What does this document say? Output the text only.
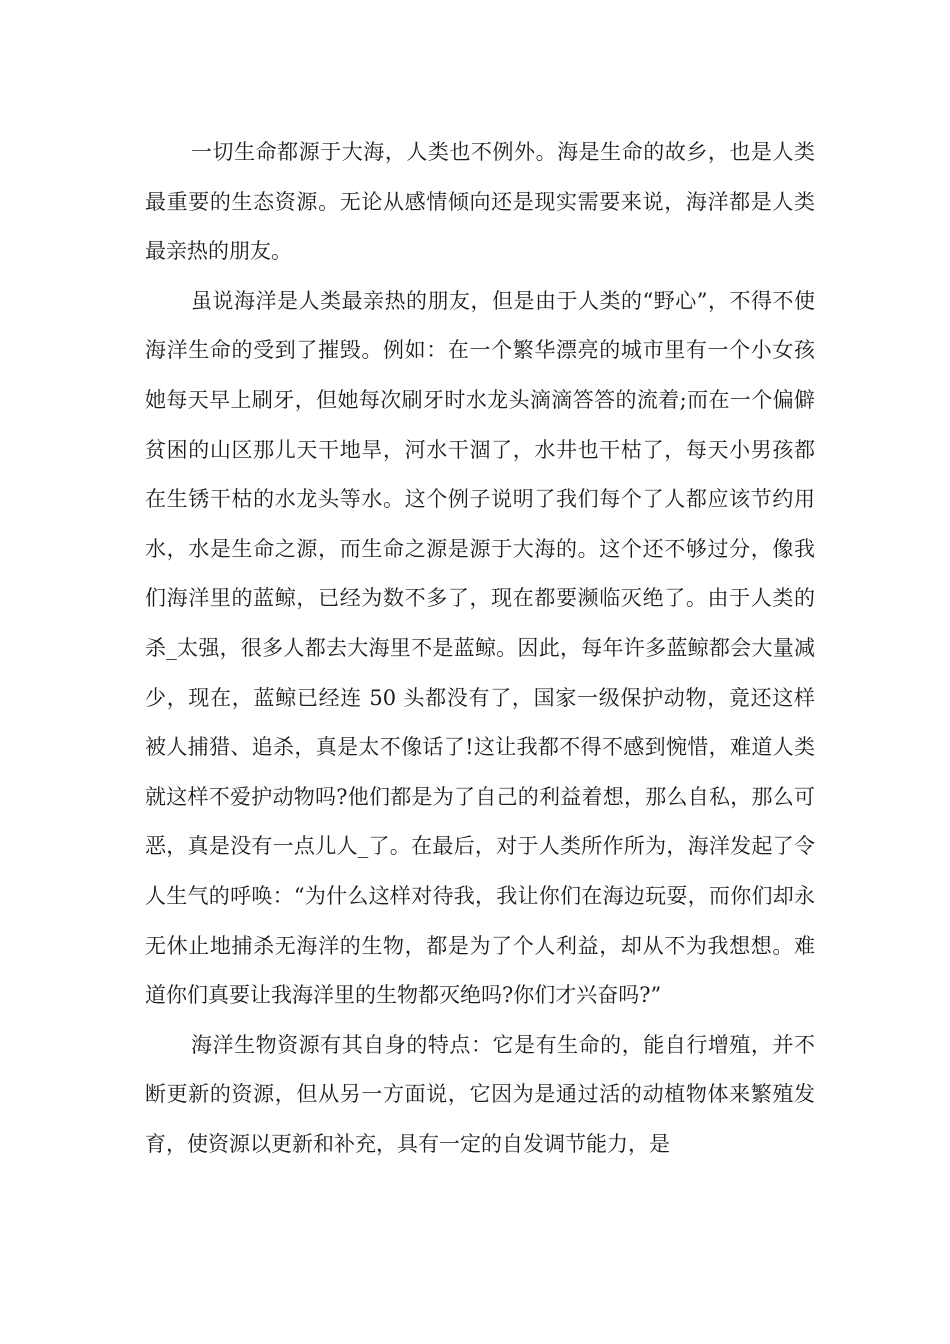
一切生命都源于大海，人类也不例外。海是生命的故乡，也是人类最重要的生态资源。无论从感情倾向还是现实需要来说，海洋都是人类最亲热的朋友。

虽说海洋是人类最亲热的朋友，但是由于人类的“野心”，不得不使海洋生命的受到了摧毁。例如：在一个繁华漂亮的城市里有一个小女孩她每天早上刷牙，但她每次刷牙时水龙头滴滴答答的流着;而在一个偏僻贫困的山区那儿天干地旱，河水干涸了，水井也干枯了，每天小男孩都在生锈干枯的水龙头等水。这个例子说明了我们每个了人都应该节约用水，水是生命之源，而生命之源是源于大海的。这个还不够过分，像我们海洋里的蓝鲸，已经为数不多了，现在都要濒临灭绝了。由于人类的杀_太强，很多人都去大海里不是蓝鲸。因此，每年许多蓝鲸都会大量减少，现在，蓝鲸已经连 50 头都没有了，国家一级保护动物，竟还这样被人捕猎、追杀，真是太不像话了!这让我都不得不感到惋惜，难道人类就这样不爱护动物吗?他们都是为了自己的利益着想，那么自私，那么可恶，真是没有一点儿人_了。在最后，对于人类所作所为，海洋发起了令人生气的呼唤：“为什么这样对待我，我让你们在海边玩耍，而你们却永无休止地捕杀无海洋的生物，都是为了个人利益，却从不为我想想。难道你们真要让我海洋里的生物都灭绝吗?你们才兴奋吗?”

海洋生物资源有其自身的特点：它是有生命的，能自行增殖，并不断更新的资源，但从另一方面说，它因为是通过活的动植物体来繁殖发育，使资源以更新和补充，具有一定的自发调节能力，是
